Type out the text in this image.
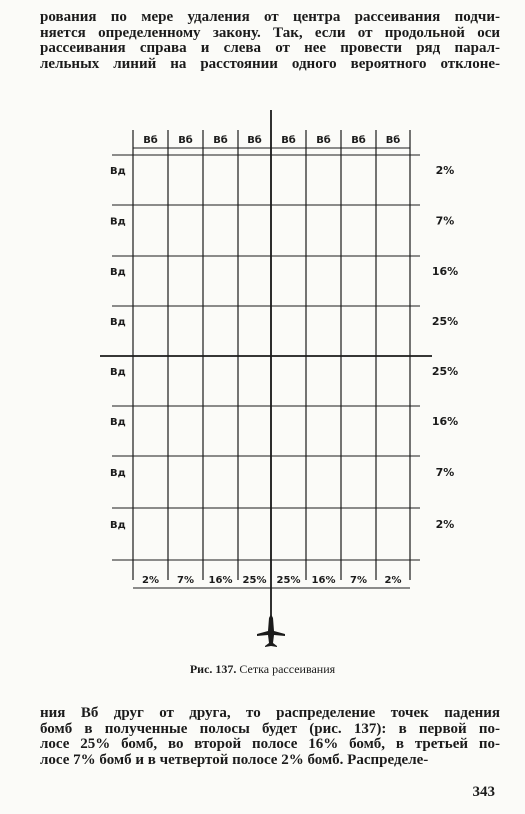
рования по мере удаления от центра рассеивания подчи-
няется определенному закону. Так, если от продольной оси
рассеивания справа и слева от нее провести ряд парал-
лельных линий на расстоянии одного вероятного отклоне-
Вб Вб Вб Вб Вб Вб Вб Вб
Вд
Вд
Вд
Вд
Вд
Вд
Вд
Вд
2%
7%
16%
25%
25%
16%
7%
2%
2% 7% 16% 25% 25% 16% 7% 2%
Рис. 137. Сетка рассеивания
ния Вб друг от друга, то распределение точек падения
бомб в полученные полосы будет (рис. 137): в первой по-
лосе 25% бомб, во второй полосе 16% бомб, в третьей по-
лосе 7% бомб и в четвертой полосе 2% бомб. Распределе-
343
